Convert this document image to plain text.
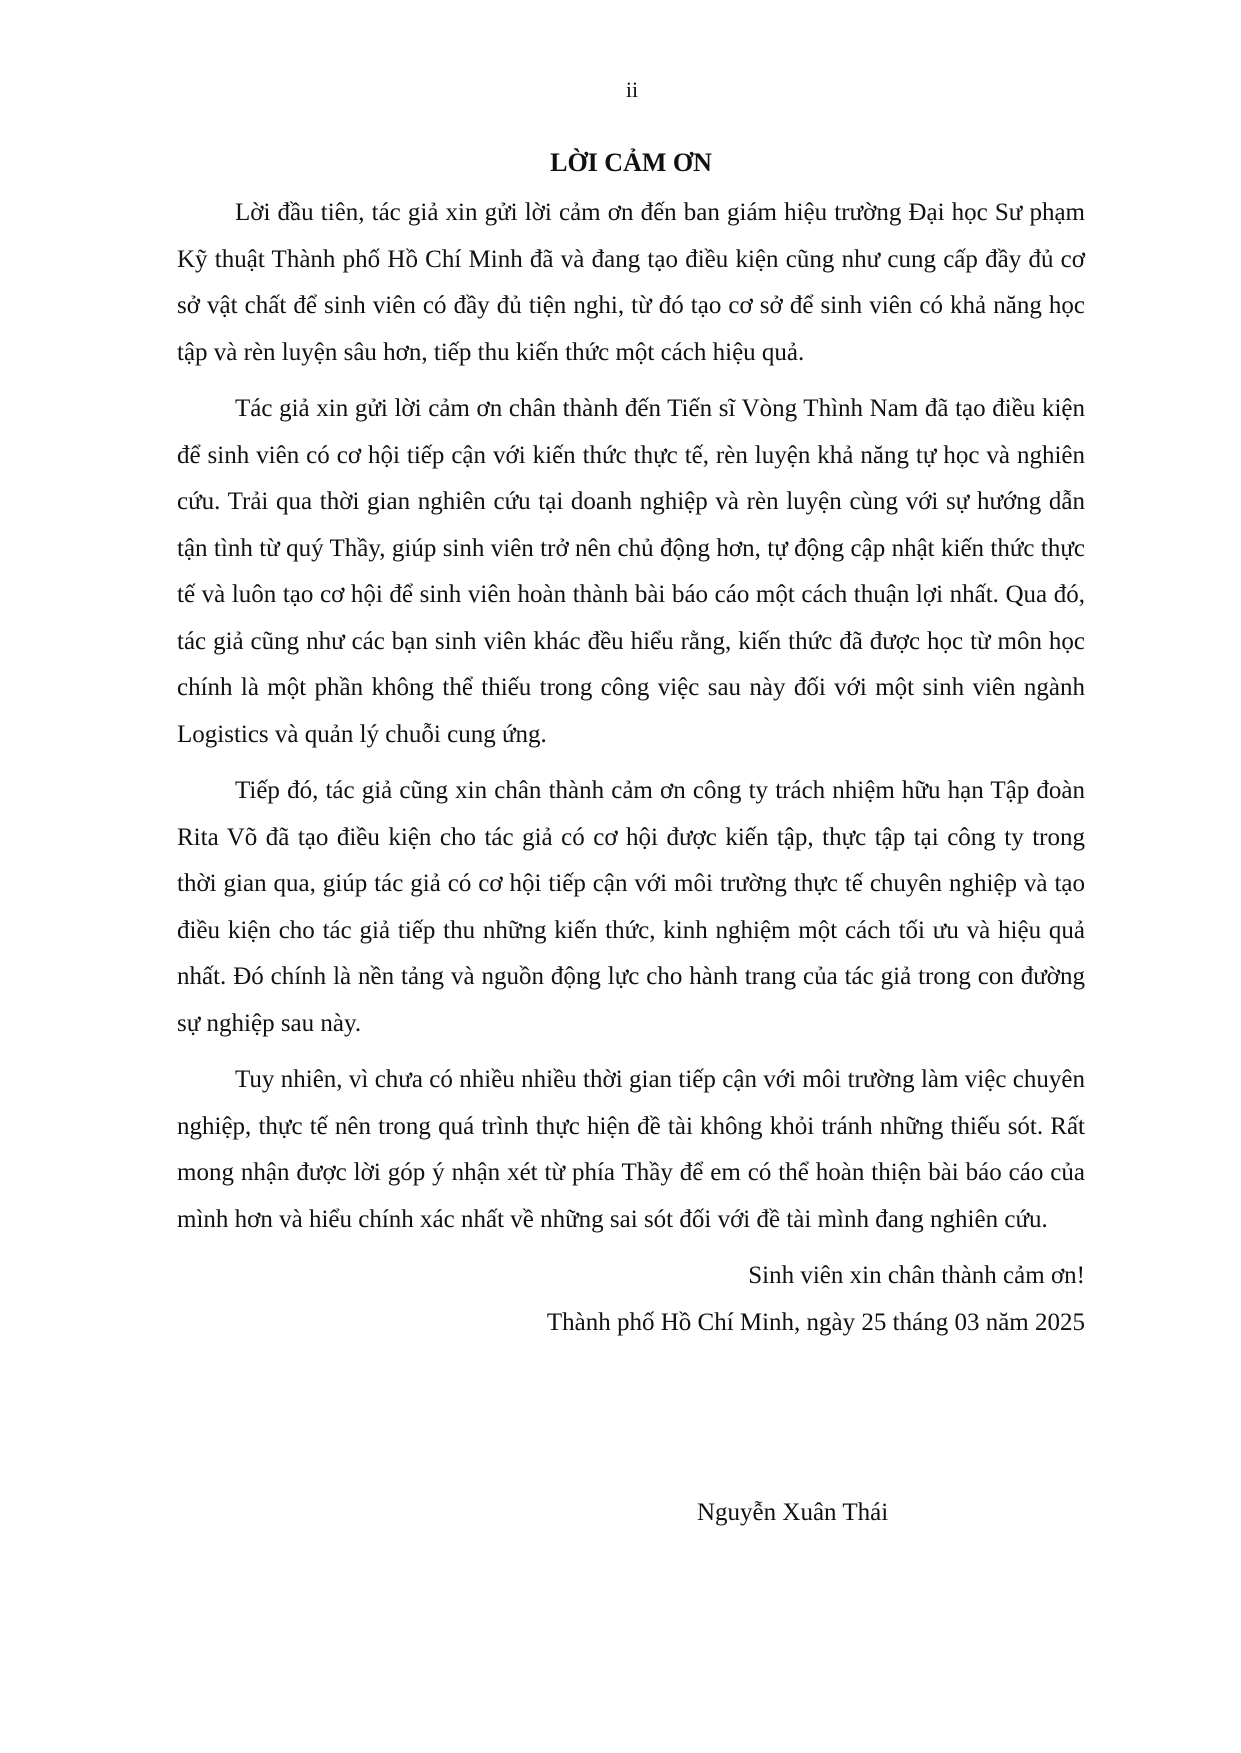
ii
LỜI CẢM ƠN

Lời đầu tiên, tác giả xin gửi lời cảm ơn đến ban giám hiệu trường Đại học Sư phạm Kỹ thuật Thành phố Hồ Chí Minh đã và đang tạo điều kiện cũng như cung cấp đầy đủ cơ sở vật chất để sinh viên có đầy đủ tiện nghi, từ đó tạo cơ sở để sinh viên có khả năng học tập và rèn luyện sâu hơn, tiếp thu kiến thức một cách hiệu quả.

Tác giả xin gửi lời cảm ơn chân thành đến Tiến sĩ Vòng Thình Nam đã tạo điều kiện để sinh viên có cơ hội tiếp cận với kiến thức thực tế, rèn luyện khả năng tự học và nghiên cứu. Trải qua thời gian nghiên cứu tại doanh nghiệp và rèn luyện cùng với sự hướng dẫn tận tình từ quý Thầy, giúp sinh viên trở nên chủ động hơn, tự động cập nhật kiến thức thực tế và luôn tạo cơ hội để sinh viên hoàn thành bài báo cáo một cách thuận lợi nhất. Qua đó, tác giả cũng như các bạn sinh viên khác đều hiểu rằng, kiến thức đã được học từ môn học chính là một phần không thể thiếu trong công việc sau này đối với một sinh viên ngành Logistics và quản lý chuỗi cung ứng.

Tiếp đó, tác giả cũng xin chân thành cảm ơn công ty trách nhiệm hữu hạn Tập đoàn Rita Võ đã tạo điều kiện cho tác giả có cơ hội được kiến tập, thực tập tại công ty trong thời gian qua, giúp tác giả có cơ hội tiếp cận với môi trường thực tế chuyên nghiệp và tạo điều kiện cho tác giả tiếp thu những kiến thức, kinh nghiệm một cách tối ưu và hiệu quả nhất. Đó chính là nền tảng và nguồn động lực cho hành trang của tác giả trong con đường sự nghiệp sau này.

Tuy nhiên, vì chưa có nhiều nhiều thời gian tiếp cận với môi trường làm việc chuyên nghiệp, thực tế nên trong quá trình thực hiện đề tài không khỏi tránh những thiếu sót. Rất mong nhận được lời góp ý nhận xét từ phía Thầy để em có thể hoàn thiện bài báo cáo của mình hơn và hiểu chính xác nhất về những sai sót đối với đề tài mình đang nghiên cứu.

Sinh viên xin chân thành cảm ơn!

Thành phố Hồ Chí Minh, ngày 25 tháng 03 năm 2025

Nguyễn Xuân Thái
